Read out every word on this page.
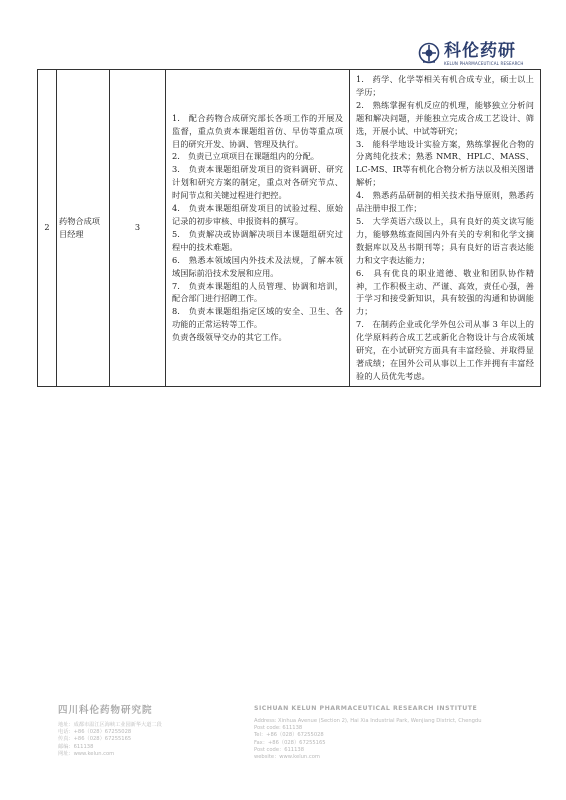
科伦药研
KELUN PHARMACEUTICAL RESEARCH
2	药物合成项目经理	3	
1.　配合药物合成研究部长各项工作的开展及监督，重点负责本课题组首仿、早仿等重点项目的研究开发、协调、管理及执行。
2.　负责已立项项目在课题组内的分配。
3.　负责本课题组研发项目的资料调研、研究计划和研究方案的制定，重点对各研究节点、时间节点和关键过程进行把控。
4.　负责本课题组研发项目的试验过程、原始记录的初步审核、申报资料的撰写。
5.　负责解决或协调解决项目本课题组研究过程中的技术难题。
6.　熟悉本领域国内外技术及法规，了解本领域国际前沿技术发展和应用。
7.　负责本课题组的人员管理、协调和培训，配合部门进行招聘工作。
8.　负责本课题组指定区域的安全、卫生、各功能的正常运转等工作。
负责各级领导交办的其它工作。

1.　药学、化学等相关有机合成专业，硕士以上学历；
2.　熟练掌握有机反应的机理，能够独立分析问题和解决问题，并能独立完成合成工艺设计、筛选，开展小试、中试等研究；
3.　能科学地设计实验方案，熟练掌握化合物的分离纯化技术；熟悉 NMR、HPLC、MASS、LC-MS、IR等有机化合物分析方法以及相关图谱解析；
4.　熟悉药品研制的相关技术指导原则，熟悉药品注册申报工作；
5.　大学英语六级以上，具有良好的英文读写能力，能够熟练查阅国内外有关的专利和化学文摘数据库以及丛书期刊等；具有良好的语言表达能力和文字表达能力；
6.　具有优良的职业道德、敬业和团队协作精神，工作积极主动、严谨、高效，责任心强，善于学习和接受新知识，具有较强的沟通和协调能力；
7.　在制药企业或化学外包公司从事 3 年以上的化学原料药合成工艺或新化合物设计与合成领域研究，在小试研究方面具有丰富经验、并取得显著成绩；在国外公司从事以上工作并拥有丰富经验的人员优先考虑。
四川科伦药物研究院
地址：成都市温江区海峡工业园新华大道二段
电话：+86（028）67255028
传真：+86（028）67255165
邮编：611138
网址：www.kelun.com
SICHUAN KELUN PHARMACEUTICAL RESEARCH INSTITUTE
Address: Xinhua Avenue (Section 2), Hai Xia Industrial Park, Wenjiang District, Chengdu
Post code: 611138
Tel：+86（028）67255028
Fax：+86（028）67255165
Post code：611138
website：www.kelun.com
